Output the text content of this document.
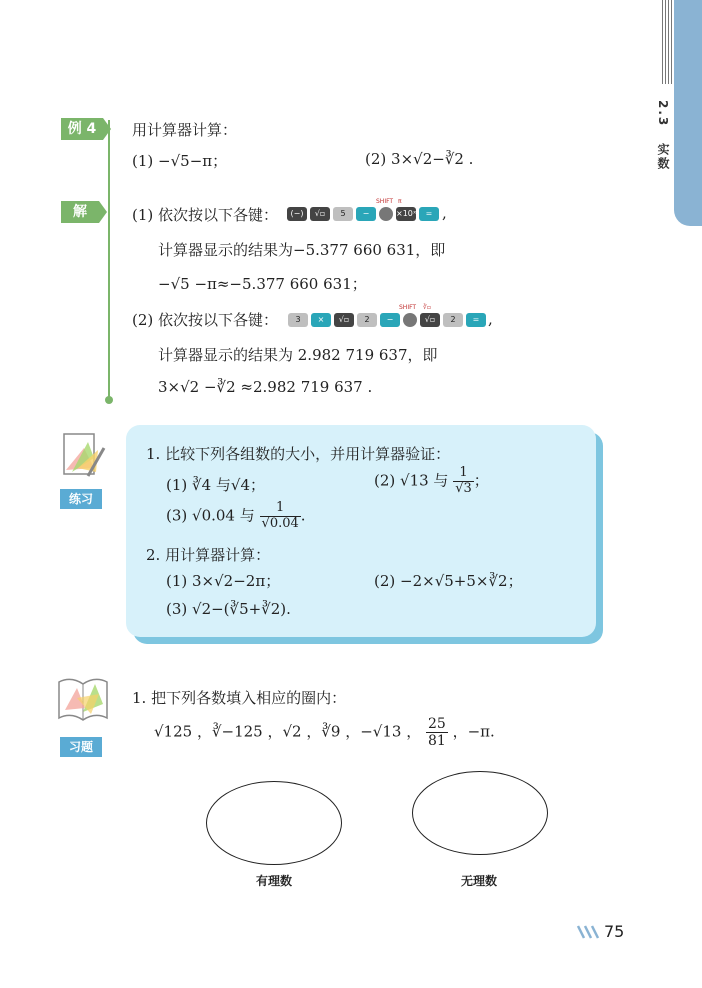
2.3 实数
例 4	用计算器计算：
(1) −√5−π；	(2) 3×√2−∛2 .
解	(1) 依次按以下各键：	(−)	√▫	5	−	×10ˣ	=
SHIFT π
,
计算器显示的结果为−5.377 660 631，即
−√5 −π≈−5.377 660 631；
(2) 依次按以下各键：	3	×	√▫	2	−	√▫	2	=
SHIFT ∛▫
,
计算器显示的结果为 2.982 719 637，即
3×√2 −∛2 ≈2.982 719 637 .
练习
1. 比较下列各组数的大小，并用计算器验证：
(1) ∛4 与√4；	(2) √13 与 $\frac{1}{√3}$ ；
(3) √0.04 与 $\frac{1}{√0.04}$ .
2. 用计算器计算：
(1) 3×√2−2π；	(2) −2×√5+5×∛2；
(3) √2−(∛5+∛2).
习题
1. 把下列各数填入相应的圈内：
√125 ，∛−125 ，√2 ，∛9 ，−√13 ， $\frac{25}{81}$ ，−π.
有理数	无理数
75
